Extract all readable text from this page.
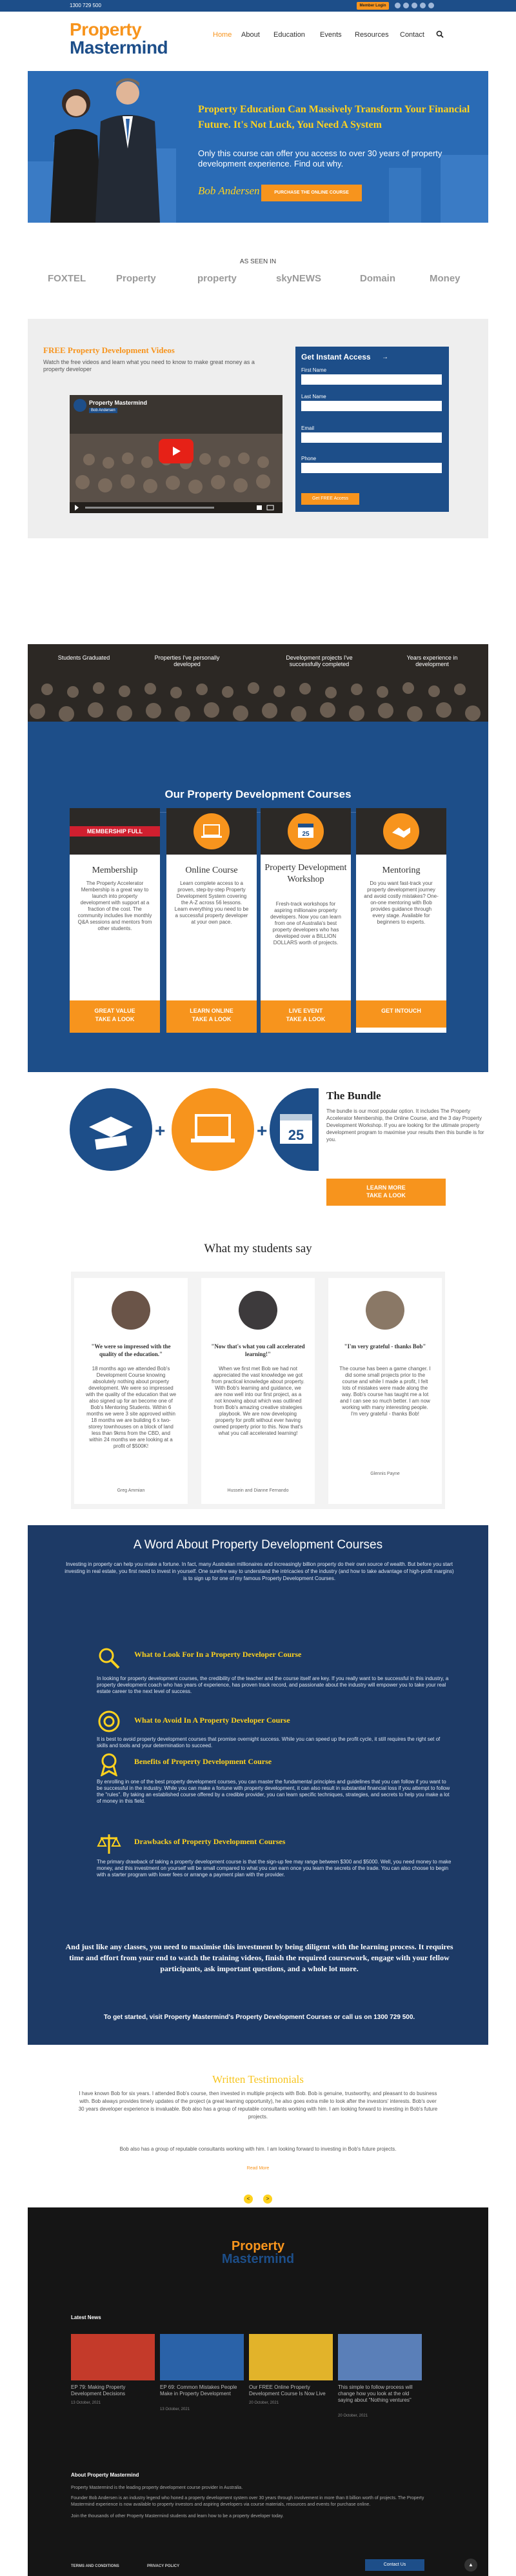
1300 729 500	Member Login
Property
Mastermind
Home About Education Events Resources Contact
Property Education Can Massively Transform Your Financial Future. It's Not Luck, You Need A System
Only this course can offer you access to over 30 years of property development experience. Find out why.
Bob Andersen	PURCHASE THE ONLINE COURSE
AS SEEN IN
FOXTEL	Property	property	skyNEWS	Domain	Money
FREE Property Development Videos
Watch the free videos and learn what you need to know to make great money as a property developer
Property Mastermind
Bob Andersen
Get Instant Access →
First Name
Last Name
Email
Phone
Get FREE Access
Students Graduated	Properties I've personally developed
Development projects I've successfully completed
Years experience in development
Our Property Development Courses
MEMBERSHIP FULL
Membership
The Property Accelerator Membership is a great way to launch into property development with support at a fraction of the cost. The community includes live monthly Q&A sessions and mentors from other students.
GREAT VALUE
TAKE A LOOK
Online Course
Learn complete access to a proven, step-by-step Property Development System covering the A-Z across 56 lessons. Learn everything you need to be a successful property developer at your own pace.
LEARN ONLINE
TAKE A LOOK
25
Property Development Workshop
Fresh-track workshops for aspiring millionaire property developers. Now you can learn from one of Australia's best property developers who has developed over a BILLION DOLLARS worth of projects.
LIVE EVENT
TAKE A LOOK
Mentoring
Do you want fast-track your property development journey and avoid costly mistakes? One-on-one mentoring with Bob provides guidance through every stage. Available for beginners to experts.
GET INTOUCH
+	+ 25
The Bundle
The bundle is our most popular option. It includes The Property Accelerator Membership, the Online Course, and the 3 day Property Development Workshop. If you are looking for the ultimate property development program to maximise your results then this bundle is for you.
LEARN MORE
TAKE A LOOK
What my students say
"We were so impressed with the quality of the education."
18 months ago we attended Bob's Development Course knowing absolutely nothing about property development. We were so impressed with the quality of the education that we also signed up for an become one of Bob's Mentoring Students. Within 6 months we were 3 site approved within 18 months we are building 6 x two-storey townhouses on a block of land less than 9kms from the CBD, and within 24 months we are looking at a profit of $500K!
Greg Ammian
"Now that's what you call accelerated learning!"
When we first met Bob we had not appreciated the vast knowledge we got from practical knowledge about property. With Bob's learning and guidance, we are now well into our first project, as a not knowing about which was outlined from Bob's amazing creative strategies playbook. We are now developing property for profit without ever having owned property prior to this. Now that's what you call accelerated learning!
Hussein and Dianne Fernando
"I'm very grateful - thanks Bob"
The course has been a game changer. I did some small projects prior to the course and while I made a profit, I felt lots of mistakes were made along the way. Bob's course has taught me a lot and I can see so much better. I am now working with many interesting people. I'm very grateful - thanks Bob!
Glennis Payne
A Word About Property Development Courses
Investing in property can help you make a fortune. In fact, many Australian millionaires and increasingly billion property do their own source of wealth. But before you start investing in real estate, you first need to invest in yourself. One surefire way to understand the intricacies of the industry (and how to take advantage of high-profit margins) is to sign up for one of my famous Property Development Courses.
What to Look For In a Property Developer Course
In looking for property development courses, the credibility of the teacher and the course itself are key. If you really want to be successful in this industry, a property development coach who has years of experience, has proven track record, and passionate about the industry will empower you to take your real estate career to the next level of success.
What to Avoid In A Property Developer Course
It is best to avoid property development courses that promise overnight success. While you can speed up the profit cycle, it still requires the right set of skills and tools and your determination to succeed.
Benefits of Property Development Course
By enrolling in one of the best property development courses, you can master the fundamental principles and guidelines that you can follow if you want to be successful in the industry. While you can make a fortune with property development, it can also result in substantial financial loss if you attempt to follow the "rules". By taking an established course offered by a credible provider, you can learn specific techniques, strategies, and secrets to help you make a lot of money in this field.
Drawbacks of Property Development Courses
The primary drawback of taking a property development course is that the sign-up fee may range between $300 and $5000. Well, you need money to make money, and this investment on yourself will be small compared to what you can earn once you learn the secrets of the trade. You can also choose to begin with a starter program with lower fees or arrange a payment plan with the provider.
And just like any classes, you need to maximise this investment by being diligent with the learning process. It requires time and effort from your end to watch the training videos, finish the required coursework, engage with your fellow participants, ask important questions, and a whole lot more.
To get started, visit Property Mastermind's Property Development Courses or call us on 1300 729 500.
Written Testimonials
I have known Bob for six years. I attended Bob's course, then invested in multiple projects with Bob. Bob is genuine, trustworthy, and pleasant to do business with. Bob always provides timely updates of the project (a great learning opportunity), he also goes extra mile to look after the investors' interests. Bob's over 30 years developer experience is invaluable. Bob also has a group of reputable consultants working with him. I am looking forward to investing in Bob's future projects.
Bob also has a group of reputable consultants working with him. I am looking forward to investing in Bob's future projects.
Read More
<	>
Property
Mastermind
Latest News
EP 79: Making Property Development Decisions
13 October, 2021
EP 69: Common Mistakes People Make in Property Development
13 October, 2021
Our FREE Online Property Development Course Is Now Live
20 October, 2021
This simple to follow process will change how you look at the old saying about "Nothing ventures"
20 October, 2021
About Property Mastermind
Property Mastermind is the leading property development course provider in Australia.
Founder Bob Andersen is an industry legend who honed a property development system over 30 years through involvement in more than 8 billion worth of projects. The Property Mastermind experience is now available to property investors and aspiring developers via course materials, resources and events for purchase online.
Join the thousands of other Property Mastermind students and learn how to be a property developer today.
TERMS AND CONDITIONS	PRIVACY POLICY	Contact Us	▲
